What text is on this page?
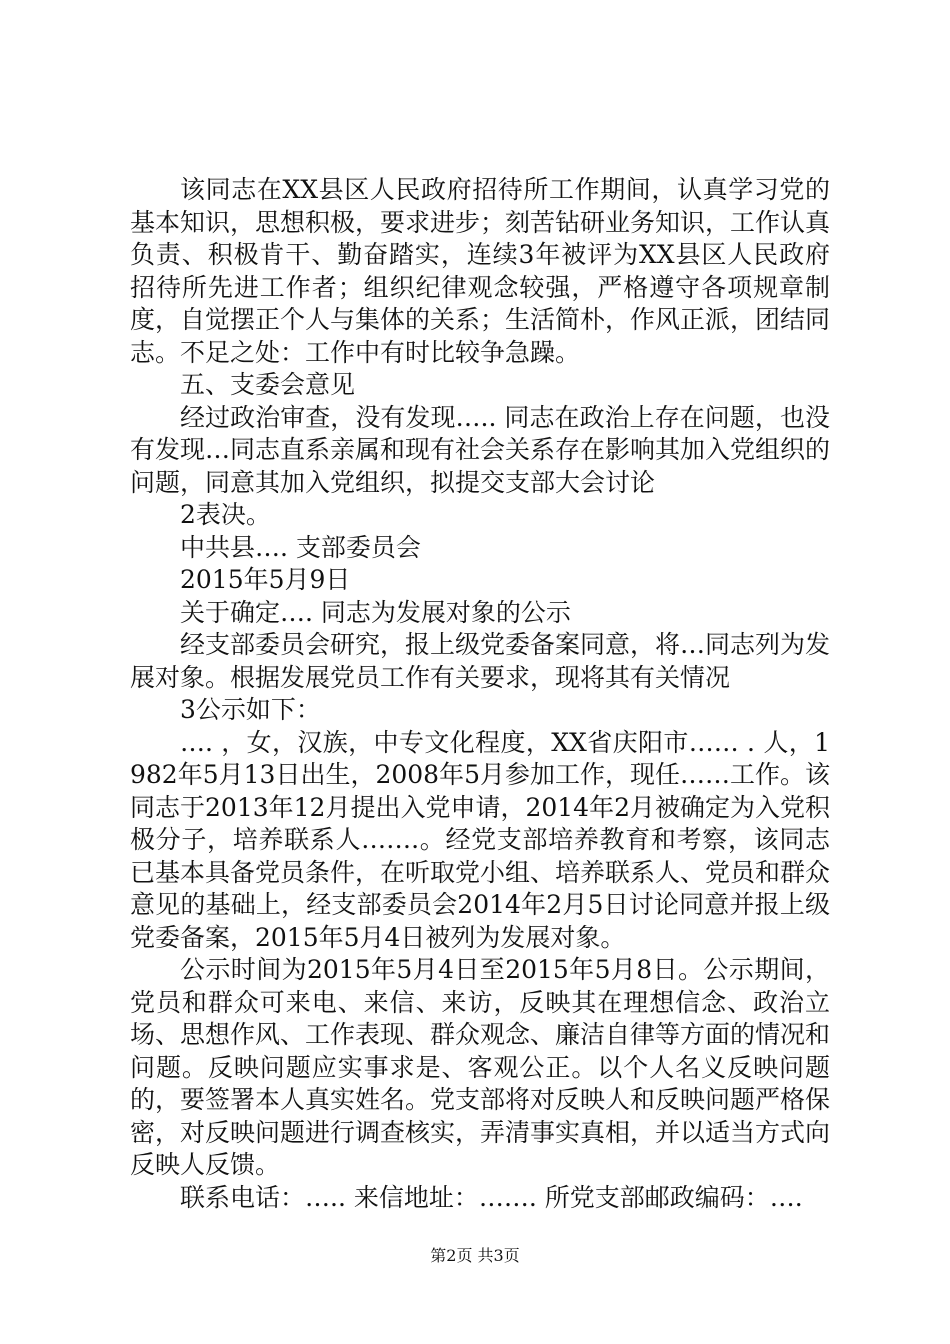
该同志在XX县区人民政府招待所工作期间，认真学习党的基本知识，思想积极，要求进步；刻苦钻研业务知识，工作认真负责、积极肯干、勤奋踏实，连续3年被评为XX县区人民政府招待所先进工作者；组织纪律观念较强，严格遵守各项规章制度，自觉摆正个人与集体的关系；生活简朴，作风正派，团结同志。不足之处：工作中有时比较争急躁。

五、支委会意见

经过政治审查，没有发现….. 同志在政治上存在问题，也没有发现…同志直系亲属和现有社会关系存在影响其加入党组织的问题，同意其加入党组织，拟提交支部大会讨论

2表决。

中共县…. 支部委员会

2015年5月9日

关于确定…. 同志为发展对象的公示

经支部委员会研究，报上级党委备案同意，将…同志列为发展对象。根据发展党员工作有关要求，现将其有关情况

3公示如下：

…. ，女，汉族，中专文化程度，XX省庆阳市…… . 人，1982年5月13日出生，2008年5月参加工作，现任……工作。该同志于2013年12月提出入党申请，2014年2月被确定为入党积极分子，培养联系人…….。经党支部培养教育和考察，该同志已基本具备党员条件，在听取党小组、培养联系人、党员和群众意见的基础上，经支部委员会2014年2月5日讨论同意并报上级党委备案，2015年5月4日被列为发展对象。

公示时间为2015年5月4日至2015年5月8日。公示期间，党员和群众可来电、来信、来访，反映其在理想信念、政治立场、思想作风、工作表现、群众观念、廉洁自律等方面的情况和问题。反映问题应实事求是、客观公正。以个人名义反映问题的，要签署本人真实姓名。党支部将对反映人和反映问题严格保密，对反映问题进行调查核实，弄清事实真相，并以适当方式向反映人反馈。

联系电话：….. 来信地址：……. 所党支部邮政编码：….

第2页 共3页
